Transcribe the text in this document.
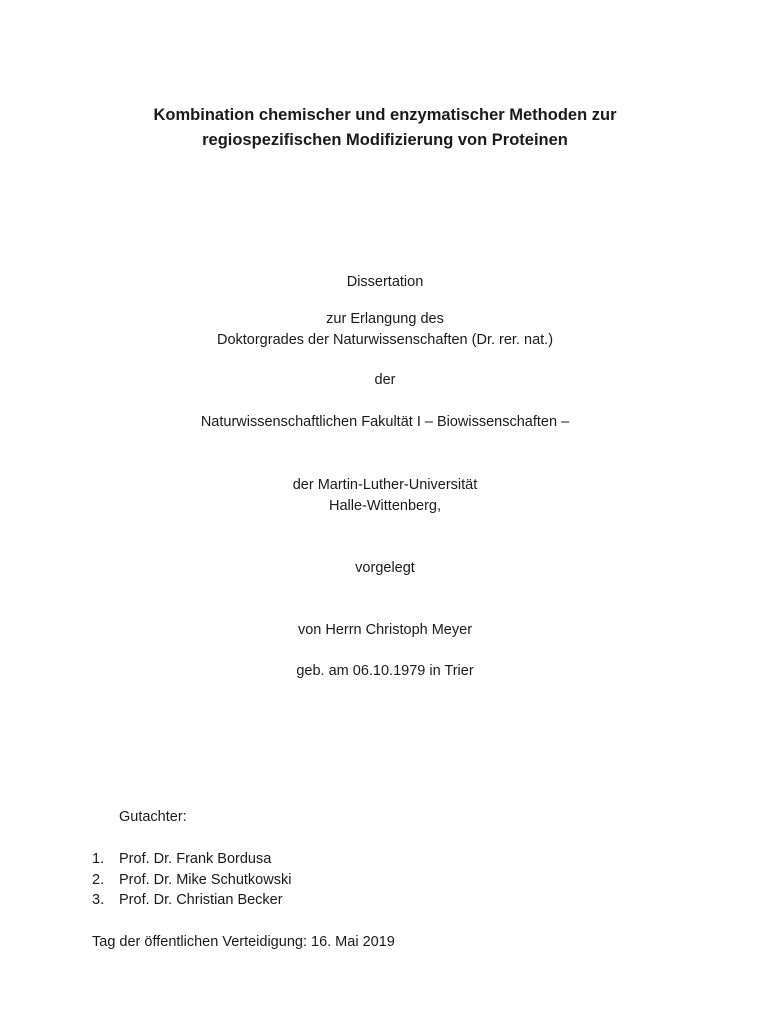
Kombination chemischer und enzymatischer Methoden zur
regiospezifischen Modifizierung von Proteinen

Dissertation

zur Erlangung des
Doktorgrades der Naturwissenschaften (Dr. rer. nat.)

der

Naturwissenschaftlichen Fakultät I – Biowissenschaften –

der Martin-Luther-Universität
Halle-Wittenberg,

vorgelegt

von Herrn Christoph Meyer

geb. am 06.10.1979 in Trier

Gutachter:

1.	Prof. Dr. Frank Bordusa
2.	Prof. Dr. Mike Schutkowski
3.	Prof. Dr. Christian Becker

Tag der öffentlichen Verteidigung: 16. Mai 2019
